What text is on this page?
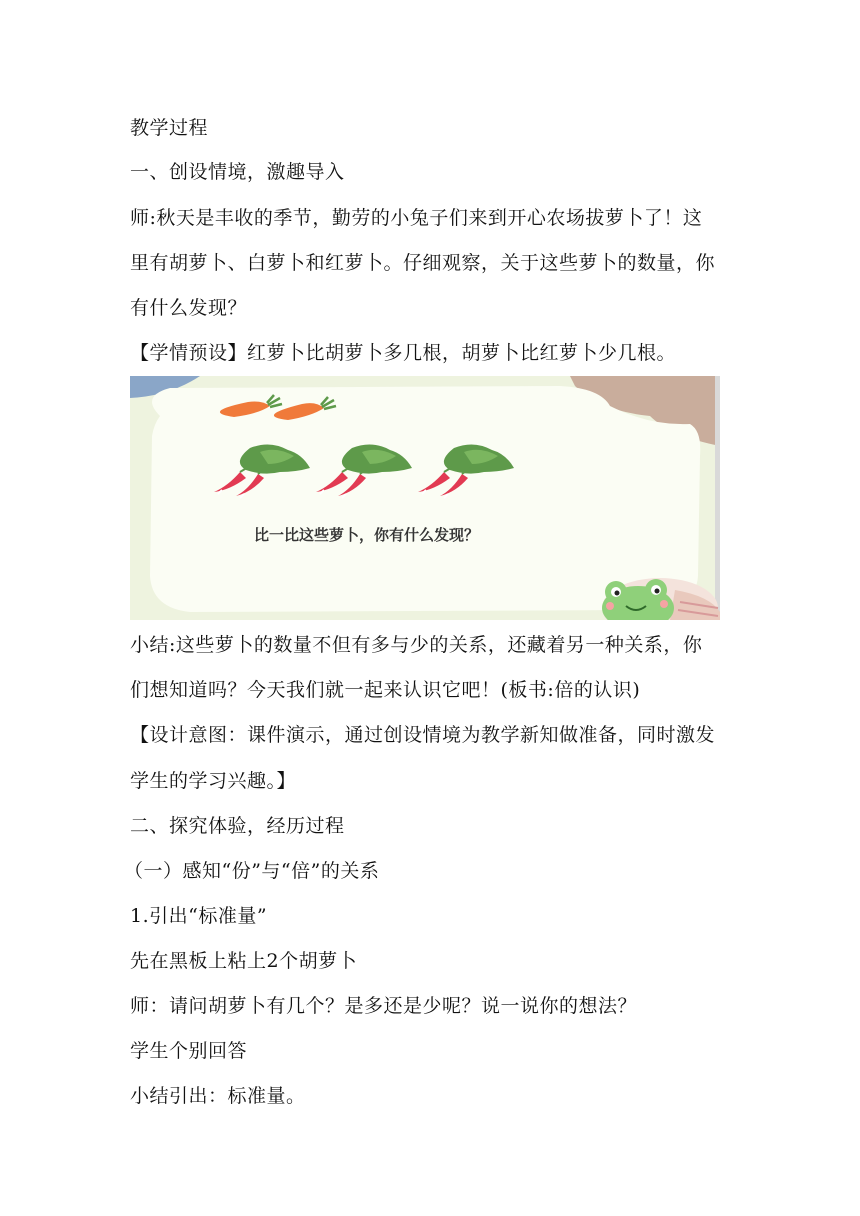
教学过程
一、创设情境，激趣导入
师:秋天是丰收的季节，勤劳的小兔子们来到开心农场拔萝卜了！这
里有胡萝卜、白萝卜和红萝卜。仔细观察，关于这些萝卜的数量，你
有什么发现？
【学情预设】红萝卜比胡萝卜多几根，胡萝卜比红萝卜少几根。
比一比这些萝卜，你有什么发现？
小结:这些萝卜的数量不但有多与少的关系，还藏着另一种关系，你
们想知道吗？今天我们就一起来认识它吧！(板书:倍的认识)
【设计意图：课件演示，通过创设情境为教学新知做准备，同时激发
学生的学习兴趣。】
二、探究体验，经历过程
（一）感知“份”与“倍”的关系
1.引出“标准量”
先在黑板上粘上2个胡萝卜
师：请问胡萝卜有几个？是多还是少呢？说一说你的想法？
学生个别回答
小结引出：标准量。
